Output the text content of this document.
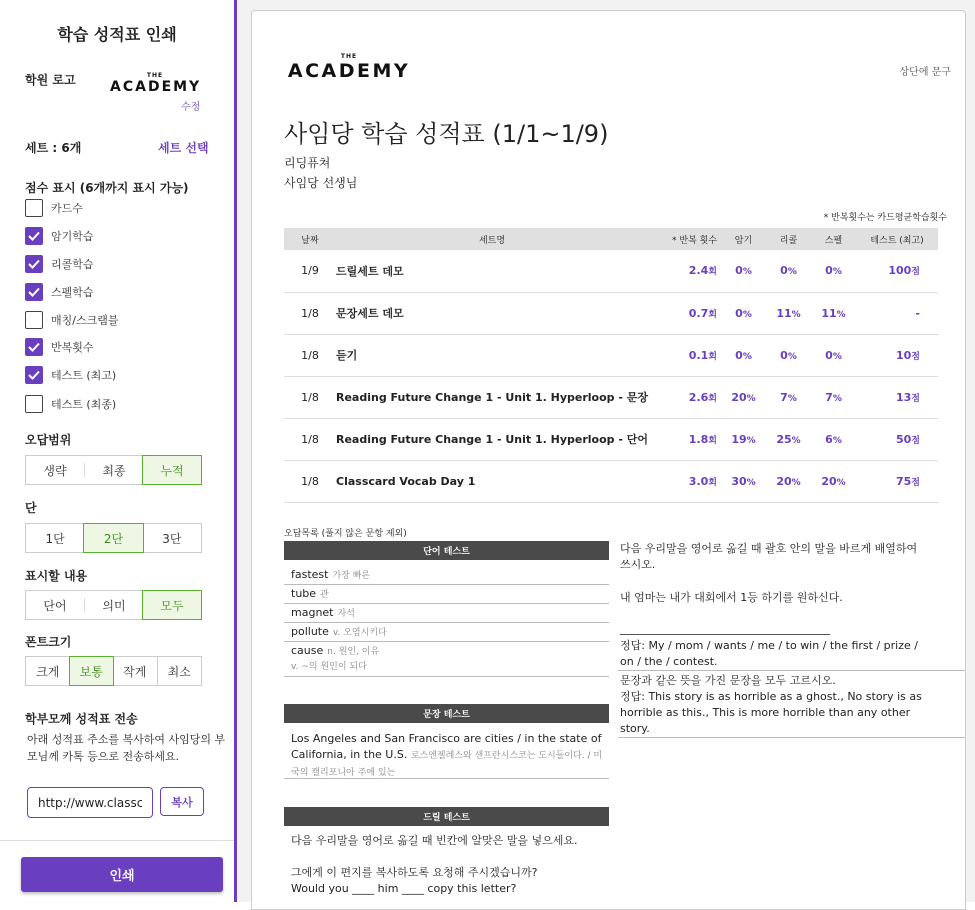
학습 성적표 인쇄
학원 로고	THE
ACADEMY
수정
세트 : 6개	세트 선택
점수 표시 (6개까지 표시 가능)
카드수
암기학습
리콜학습
스펠학습
매칭/스크램블
반복횟수
테스트 (최고)
테스트 (최종)
오답범위
생략	최종	누적
단
1단	2단	3단
표시할 내용
단어	의미	모두
폰트크기
크게	보통	작게	최소
학부모께 성적표 전송
아래 성적표 주소를 복사하여 사임당의 부모님께 카톡 등으로 전송하세요.
http://www.classcard.net
복사
인쇄
THE
ACADEMY	상단에 문구
사임당 학습 성적표 (1/1~1/9)
리딩퓨쳐
사임당 선생님
* 반복횟수는 카드평균학습횟수
날짜	세트명	* 반복 횟수	암기	리콜	스펠	테스트 (최고)
1/9	드릴세트 데모	2.4회	0%	0%	0%	100점
1/8	문장세트 데모	0.7회	0%	11%	11%	-
1/8	듣기	0.1회	0%	0%	0%	10점
1/8	Reading Future Change 1 - Unit 1. Hyperloop - 문장	2.6회	20%	7%	7%	13점
1/8	Reading Future Change 1 - Unit 1. Hyperloop - 단어	1.8회	19%	25%	6%	50점
1/8	Classcard Vocab Day 1	3.0회	30%	20%	20%	75점
오답목록 (풀지 않은 문항 제외)
단어 테스트
fastest 가장 빠른
tube 관
magnet 자석
pollute v. 오염시키다
cause n. 원인, 이유
v. ~의 원인이 되다
문장 테스트
Los Angeles and San Francisco are cities / in the state of California, in the U.S. 로스앤젤레스와 샌프란시스코는 도시들이다. / 미국의 캘리포니아 주에 있는
드릴 테스트
다음 우리말을 영어로 옮길 때 빈칸에 알맞은 말을 넣으세요.
그에게 이 편지를 복사하도록 요청해 주시겠습니까?
Would you ____ him ____ copy this letter?
다음 우리말을 영어로 옮길 때 괄호 안의 말을 바르게 배열하여 쓰시오.
내 엄마는 내가 대회에서 1등 하기를 원하신다.
정답: My / mom / wants / me / to win / the first / prize / on / the / contest.
문장과 같은 뜻을 가진 문장을 모두 고르시오.
정답: This story is as horrible as a ghost., No story is as horrible as this., This is more horrible than any other story.
